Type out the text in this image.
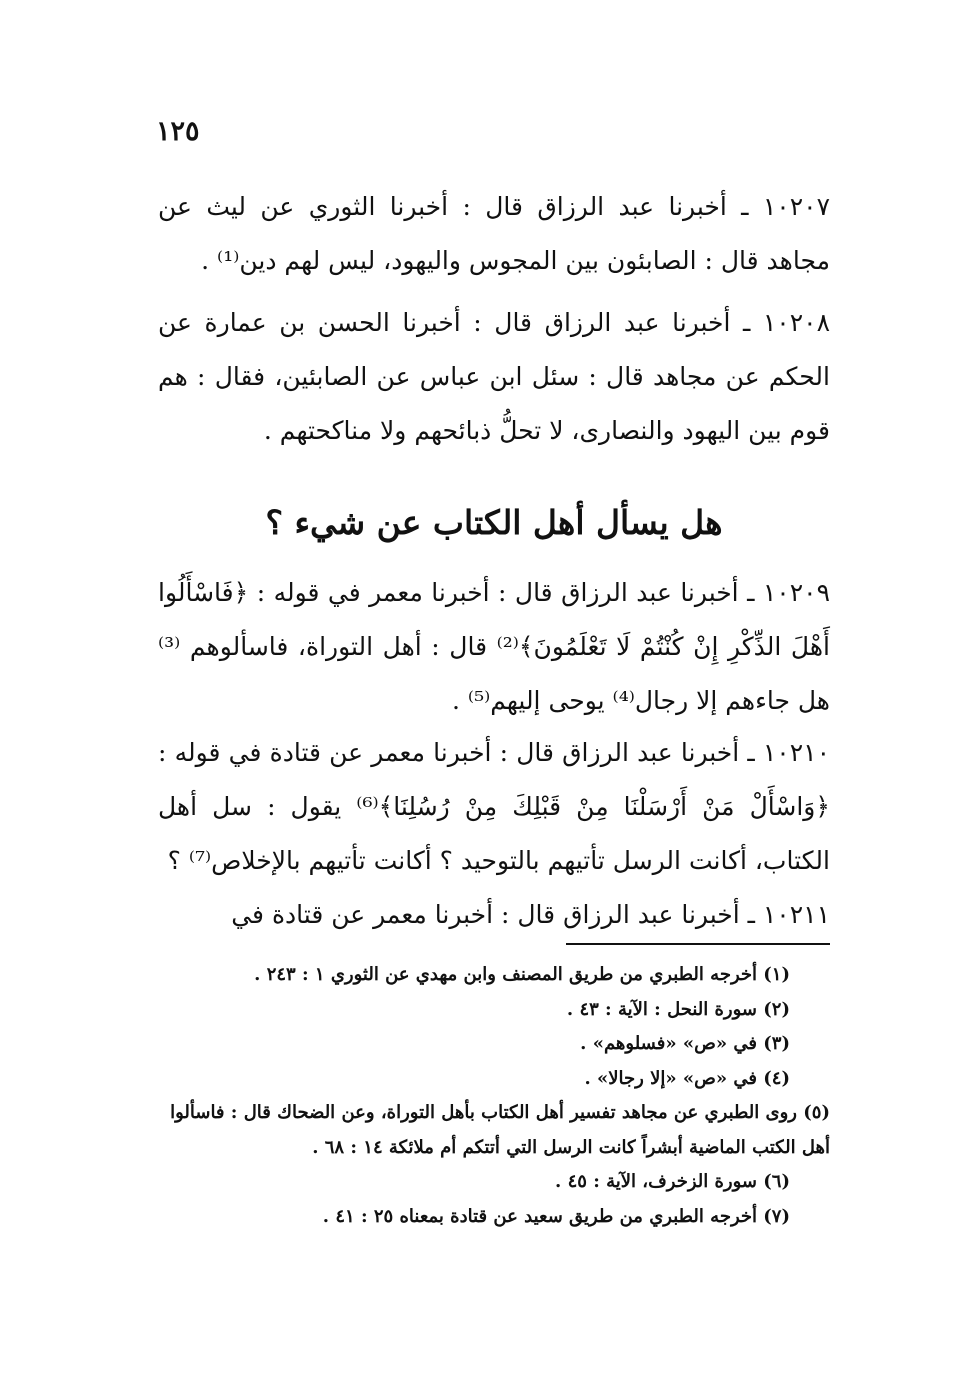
١٢٥

١٠٢٠٧ ـ أخبرنا عبد الرزاق قال : أخبرنا الثوري عن ليث عن مجاهد قال : الصابئون بين المجوس واليهود، ليس لهم دين⁽¹⁾ .

١٠٢٠٨ ـ أخبرنا عبد الرزاق قال : أخبرنا الحسن بن عمارة عن الحكم عن مجاهد قال : سئل ابن عباس عن الصابئين، فقال : هم قوم بين اليهود والنصارى، لا تحلُّ ذبائحهم ولا مناكحتهم .

هل يسأل أهل الكتاب عن شيء ؟

١٠٢٠٩ ـ أخبرنا عبد الرزاق قال : أخبرنا معمر في قوله : ﴿فَاسْأَلُوا أَهْلَ الذِّكْرِ إِنْ كُنْتُمْ لَا تَعْلَمُونَ﴾⁽²⁾ قال : أهل التوراة، فاسألوهم ⁽³⁾ هل جاءهم إلا رجال⁽⁴⁾ يوحى إليهم⁽⁵⁾ .

١٠٢١٠ ـ أخبرنا عبد الرزاق قال : أخبرنا معمر عن قتادة في قوله : ﴿وَاسْأَلْ مَنْ أَرْسَلْنَا مِنْ قَبْلِكَ مِنْ رُسُلِنَا﴾⁽⁶⁾ يقول : سل أهل الكتاب، أكانت الرسل تأتيهم بالتوحيد ؟ أكانت تأتيهم بالإخلاص⁽⁷⁾ ؟

١٠٢١١ ـ أخبرنا عبد الرزاق قال : أخبرنا معمر عن قتادة في

(١) أخرجه الطبري من طريق المصنف وابن مهدي عن الثوري ١ : ٢٤٣ .

(٢) سورة النحل : الآية : ٤٣ .

(٣) في «ص» «فسلوهم» .

(٤) في «ص» «إلا رجالا» .

(٥) روى الطبري عن مجاهد تفسير أهل الكتاب بأهل التوراة، وعن الضحاك قال : فاسألوا أهل الكتب الماضية أبشراً كانت الرسل التي أتتكم أم ملائكة ١٤ : ٦٨ .

(٦) سورة الزخرف، الآية : ٤٥ .

(٧) أخرجه الطبري من طريق سعيد عن قتادة بمعناه ٢٥ : ٤١ .
